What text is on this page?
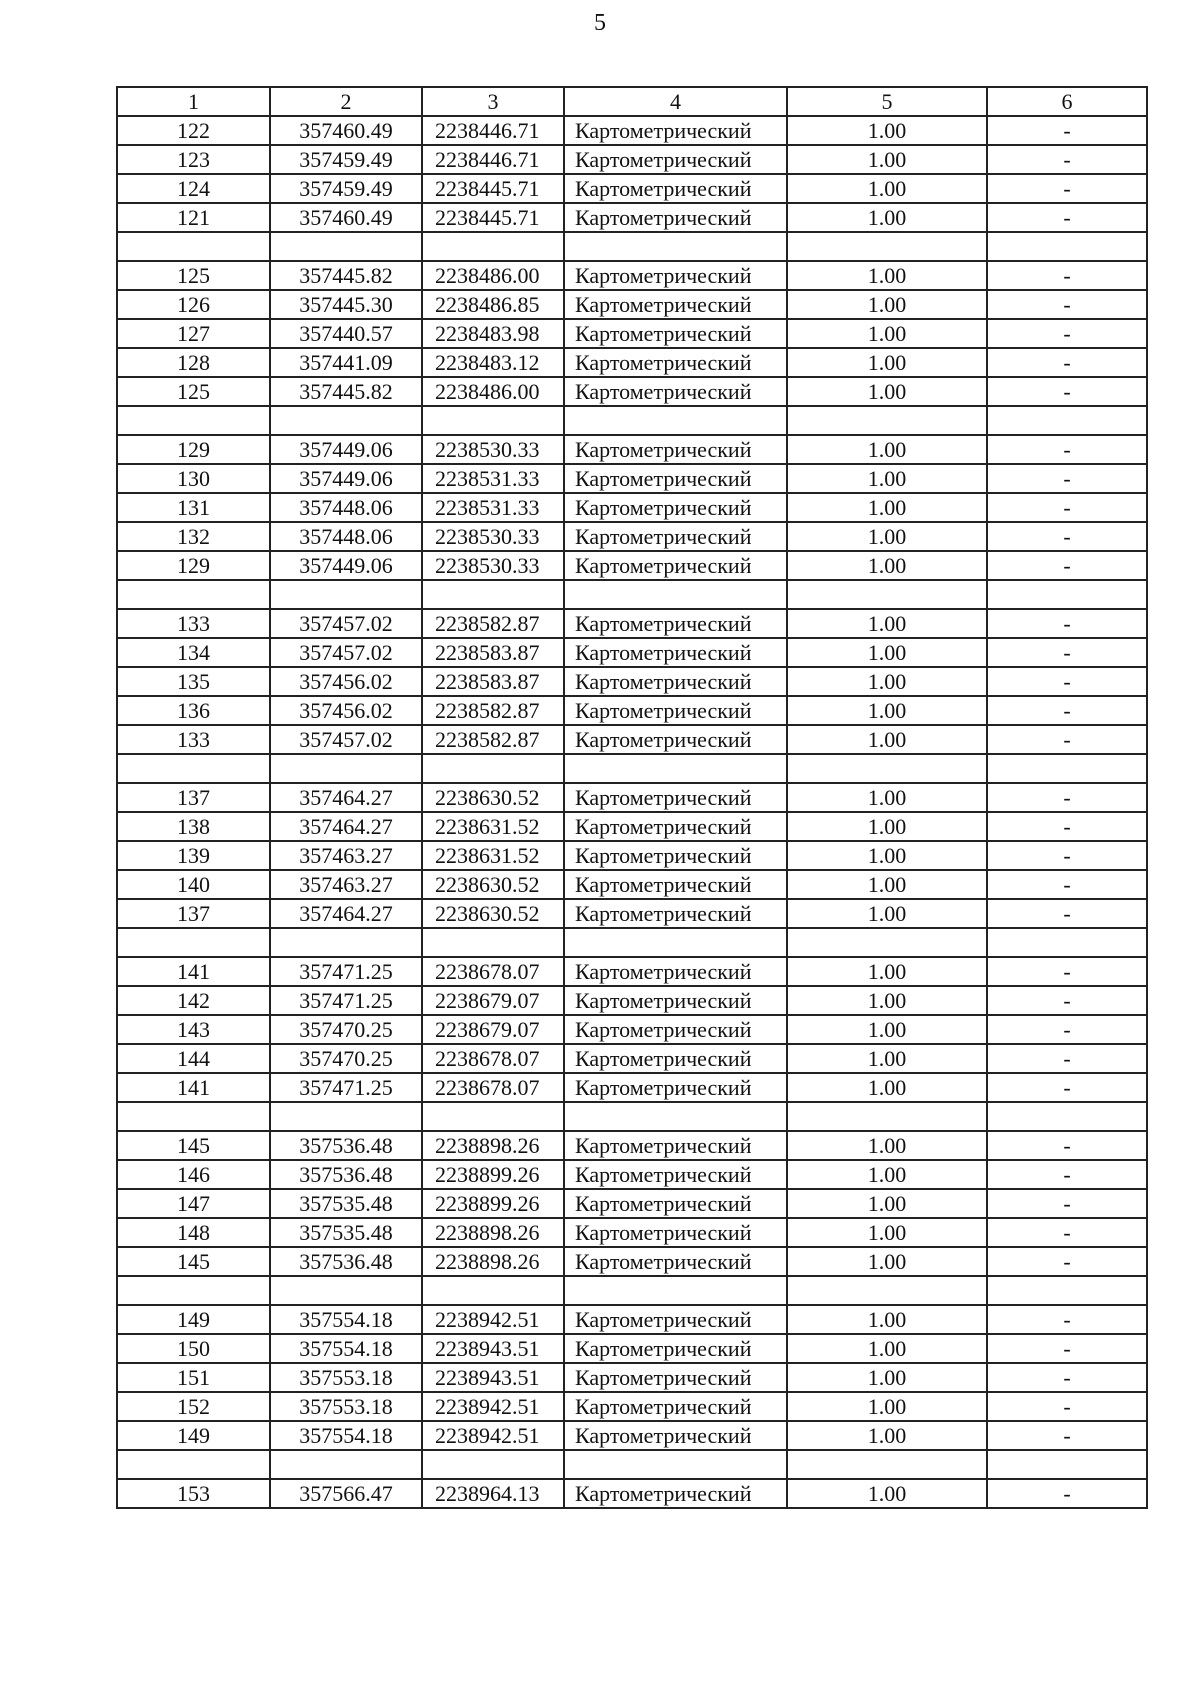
5
1	2	3	4	5	6
122	357460.49	2238446.71	Картометрический	1.00	-
123	357459.49	2238446.71	Картометрический	1.00	-
124	357459.49	2238445.71	Картометрический	1.00	-
121	357460.49	2238445.71	Картометрический	1.00	-

125	357445.82	2238486.00	Картометрический	1.00	-
126	357445.30	2238486.85	Картометрический	1.00	-
127	357440.57	2238483.98	Картометрический	1.00	-
128	357441.09	2238483.12	Картометрический	1.00	-
125	357445.82	2238486.00	Картометрический	1.00	-

129	357449.06	2238530.33	Картометрический	1.00	-
130	357449.06	2238531.33	Картометрический	1.00	-
131	357448.06	2238531.33	Картометрический	1.00	-
132	357448.06	2238530.33	Картометрический	1.00	-
129	357449.06	2238530.33	Картометрический	1.00	-

133	357457.02	2238582.87	Картометрический	1.00	-
134	357457.02	2238583.87	Картометрический	1.00	-
135	357456.02	2238583.87	Картометрический	1.00	-
136	357456.02	2238582.87	Картометрический	1.00	-
133	357457.02	2238582.87	Картометрический	1.00	-

137	357464.27	2238630.52	Картометрический	1.00	-
138	357464.27	2238631.52	Картометрический	1.00	-
139	357463.27	2238631.52	Картометрический	1.00	-
140	357463.27	2238630.52	Картометрический	1.00	-
137	357464.27	2238630.52	Картометрический	1.00	-

141	357471.25	2238678.07	Картометрический	1.00	-
142	357471.25	2238679.07	Картометрический	1.00	-
143	357470.25	2238679.07	Картометрический	1.00	-
144	357470.25	2238678.07	Картометрический	1.00	-
141	357471.25	2238678.07	Картометрический	1.00	-

145	357536.48	2238898.26	Картометрический	1.00	-
146	357536.48	2238899.26	Картометрический	1.00	-
147	357535.48	2238899.26	Картометрический	1.00	-
148	357535.48	2238898.26	Картометрический	1.00	-
145	357536.48	2238898.26	Картометрический	1.00	-

149	357554.18	2238942.51	Картометрический	1.00	-
150	357554.18	2238943.51	Картометрический	1.00	-
151	357553.18	2238943.51	Картометрический	1.00	-
152	357553.18	2238942.51	Картометрический	1.00	-
149	357554.18	2238942.51	Картометрический	1.00	-

153	357566.47	2238964.13	Картометрический	1.00	-
